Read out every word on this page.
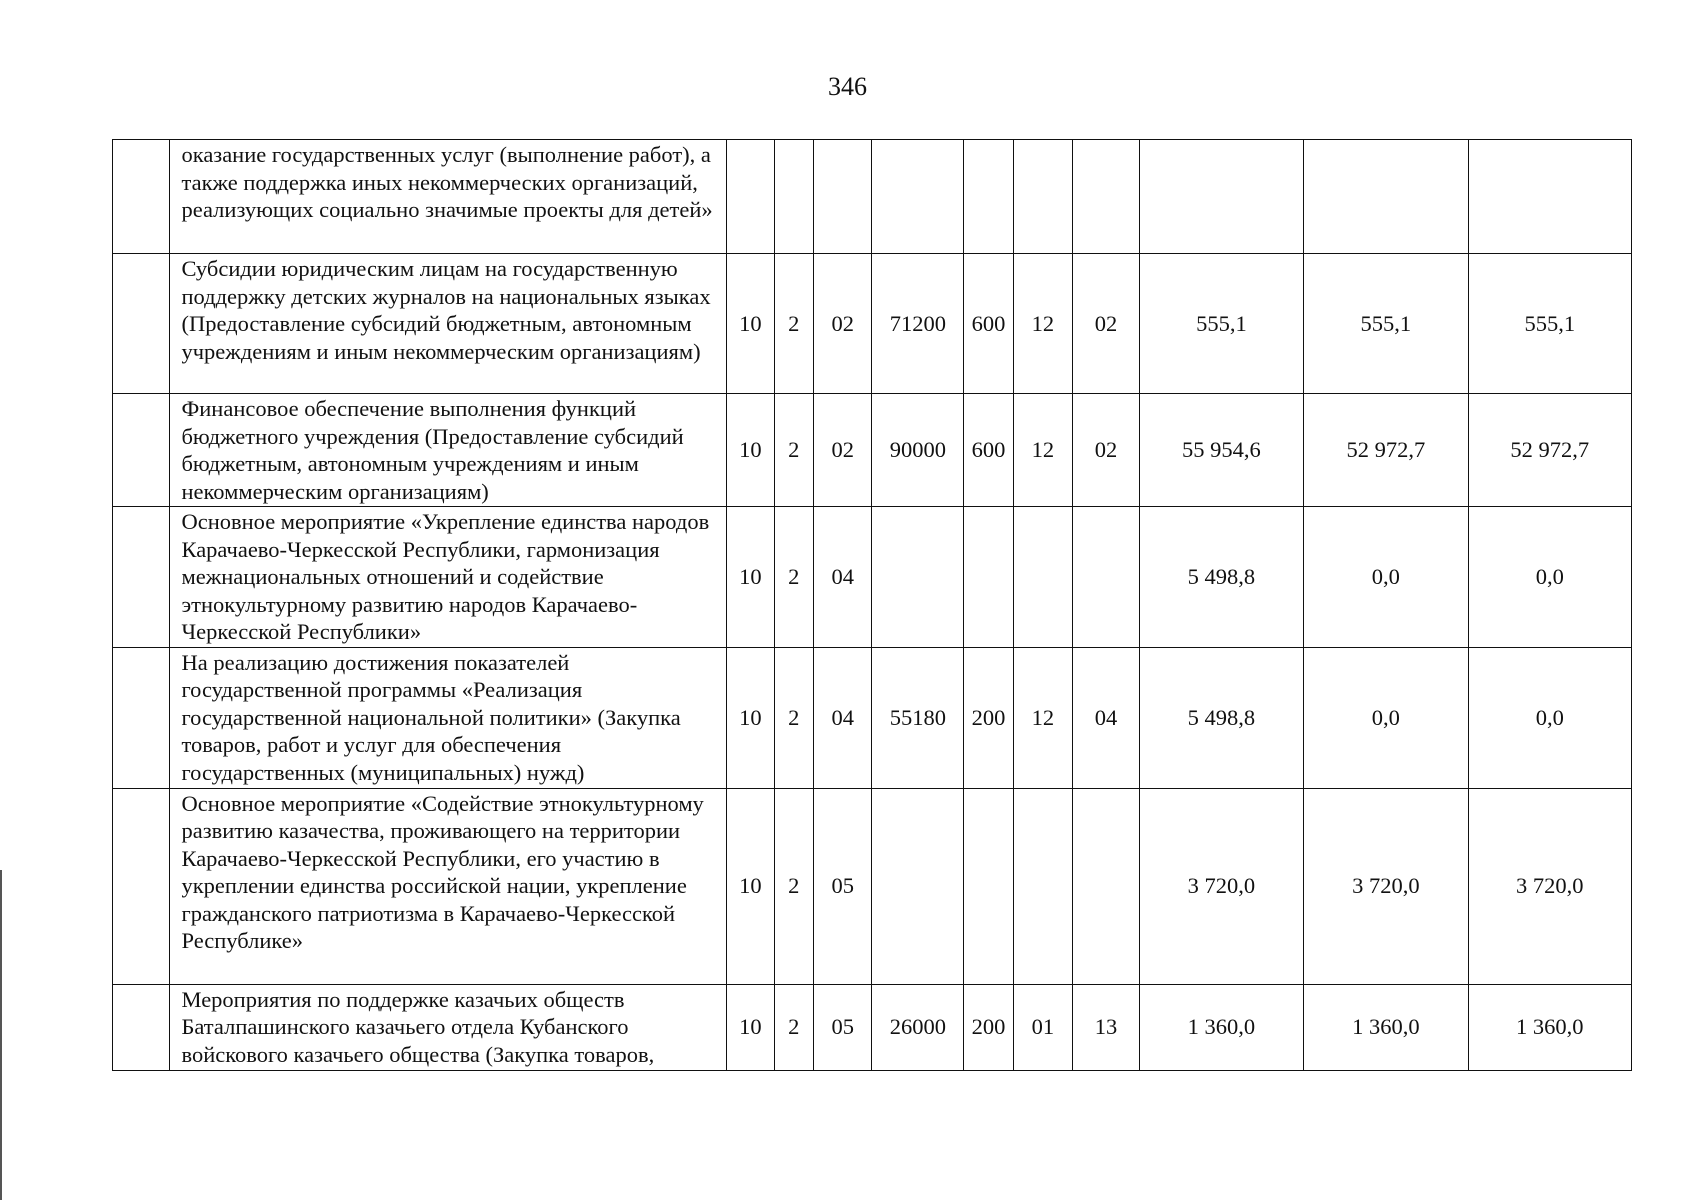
346
	оказание государственных услуг (выполнение работ), а также поддержка иных некоммерческих организаций, реализующих социально значимые проекты для детей»										
	Субсидии юридическим лицам на государственную поддержку детских журналов на национальных языках (Предоставление субсидий бюджетным, автономным учреждениям и иным некоммерческим организациям)	10	2	02	71200	600	12	02	555,1	555,1	555,1
	Финансовое обеспечение выполнения функций бюджетного учреждения (Предоставление субсидий бюджетным, автономным учреждениям и иным некоммерческим организациям)	10	2	02	90000	600	12	02	55 954,6	52 972,7	52 972,7
	Основное мероприятие «Укрепление единства народов Карачаево-Черкесской Республики, гармонизация межнациональных отношений и содействие этнокультурному развитию народов Карачаево-Черкесской Республики»	10	2	04					5 498,8	0,0	0,0
	На реализацию достижения показателей государственной программы «Реализация государственной национальной политики» (Закупка товаров, работ и услуг для обеспечения государственных (муниципальных) нужд)	10	2	04	55180	200	12	04	5 498,8	0,0	0,0
	Основное мероприятие «Содействие этнокультурному развитию казачества, проживающего на территории Карачаево-Черкесской Республики, его участию в укреплении единства российской нации, укрепление гражданского патриотизма в Карачаево-Черкесской Республике»	10	2	05					3 720,0	3 720,0	3 720,0
	Мероприятия по поддержке казачьих обществ Баталпашинского казачьего отдела Кубанского войскового казачьего общества (Закупка товаров,	10	2	05	26000	200	01	13	1 360,0	1 360,0	1 360,0
